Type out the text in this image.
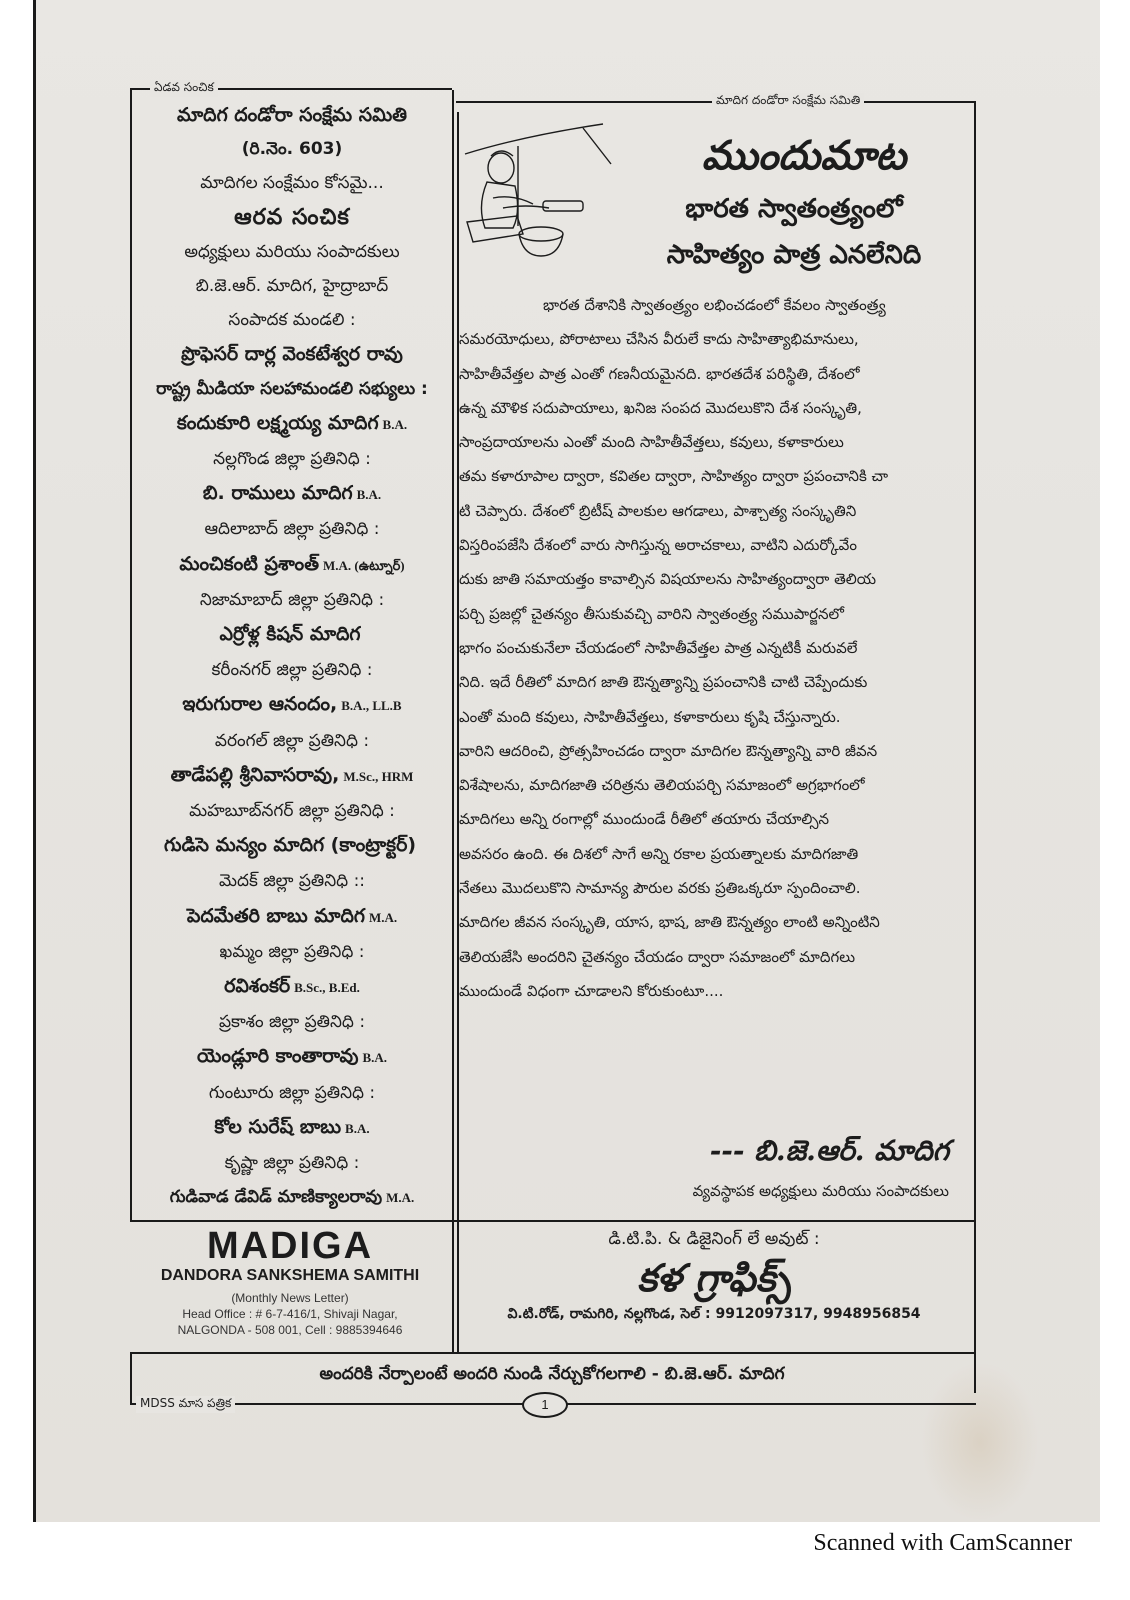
ఏడవ సంచిక
మాదిగ దండోరా సంక్షేమ సమితి
మాదిగ దండోరా సంక్షేమ సమితి
(రి.నెం. 603)
మాదిగల సంక్షేమం కోసమై...
ఆరవ సంచిక
అధ్యక్షులు మరియు సంపాదకులు
బి.జె.ఆర్. మాదిగ, హైద్రాబాద్
సంపాదక మండలి :
ప్రొఫెసర్ దార్ల వెంకటేశ్వర రావు
రాష్ట్ర మీడియా సలహామండలి సభ్యులు :
కందుకూరి లక్ష్మయ్య మాదిగ B.A.
నల్లగొండ జిల్లా ప్రతినిధి :
బి. రాములు మాదిగ B.A.
ఆదిలాబాద్ జిల్లా ప్రతినిధి :
మంచికంటి ప్రశాంత్ M.A. (ఉట్నూర్)
నిజామాబాద్ జిల్లా ప్రతినిధి :
ఎర్రోళ్ల కిషన్ మాదిగ
కరీంనగర్ జిల్లా ప్రతినిధి :
ఇరుగురాల ఆనందం, B.A., LL.B
వరంగల్ జిల్లా ప్రతినిధి :
తాడేపల్లి శ్రీనివాసరావు, M.Sc., HRM
మహబూబ్‌నగర్ జిల్లా ప్రతినిధి :
గుడిసె మన్యం మాదిగ (కాంట్రాక్టర్)
మెదక్ జిల్లా ప్రతినిధి ::
పెదమేతరి బాబు మాదిగ M.A.
ఖమ్మం జిల్లా ప్రతినిధి :
రవిశంకర్ B.Sc., B.Ed.
ప్రకాశం జిల్లా ప్రతినిధి :
యెండ్లూరి కాంతారావు B.A.
గుంటూరు జిల్లా ప్రతినిధి :
కోల సురేష్ బాబు B.A.
కృష్ణా జిల్లా ప్రతినిధి :
గుడివాడ డేవిడ్ మాణిక్యాలరావు M.A.
MADIGA
DANDORA SANKSHEMA SAMITHI
(Monthly News Letter)
Head Office : # 6-7-416/1, Shivaji Nagar,
NALGONDA - 508 001, Cell : 9885394646
ముందుమాట
భారత స్వాతంత్ర్యంలో
సాహిత్యం పాత్ర ఎనలేనిది
భారత దేశానికి స్వాతంత్ర్యం లభించడంలో కేవలం స్వాతంత్ర్య
సమరయోధులు, పోరాటాలు చేసిన వీరులే కాదు సాహిత్యాభిమానులు,
సాహితీవేత్తల పాత్ర ఎంతో గణనీయమైనది. భారతదేశ పరిస్థితి, దేశంలో
ఉన్న మౌళిక సదుపాయాలు, ఖనిజ సంపద మొదలుకొని దేశ సంస్కృతి,
సాంప్రదాయాలను ఎంతో మంది సాహితీవేత్తలు, కవులు, కళాకారులు
తమ కళారూపాల ద్వారా, కవితల ద్వారా, సాహిత్యం ద్వారా ప్రపంచానికి చా
టి చెప్పారు. దేశంలో బ్రిటీష్ పాలకుల ఆగడాలు, పాశ్చాత్య సంస్కృతిని
విస్తరింపజేసి దేశంలో వారు సాగిస్తున్న అరాచకాలు, వాటిని ఎదుర్కోవేం
దుకు జాతి సమాయత్తం కావాల్సిన విషయాలను సాహిత్యంద్వారా తెలియ
పర్చి ప్రజల్లో చైతన్యం తీసుకువచ్చి వారిని స్వాతంత్ర్య సముపార్జనలో
భాగం పంచుకునేలా చేయడంలో సాహితీవేత్తల పాత్ర ఎన్నటికీ మరువలే
నిది. ఇదే రీతిలో మాదిగ జాతి ఔన్నత్యాన్ని ప్రపంచానికి చాటి చెప్పేందుకు
ఎంతో మంది కవులు, సాహితీవేత్తలు, కళాకారులు కృషి చేస్తున్నారు.
వారిని ఆదరించి, ప్రోత్సహించడం ద్వారా మాదిగల ఔన్నత్యాన్ని వారి జీవన
విశేషాలను, మాదిగజాతి చరిత్రను తెలియపర్చి సమాజంలో అగ్రభాగంలో
మాదిగలు అన్ని రంగాల్లో ముందుండే రీతిలో తయారు చేయాల్సిన
అవసరం ఉంది. ఈ దిశలో సాగే అన్ని రకాల ప్రయత్నాలకు మాదిగజాతి
నేతలు మొదలుకొని సామాన్య పౌరుల వరకు ప్రతిఒక్కరూ స్పందించాలి.
మాదిగల జీవన సంస్కృతి, యాస, భాష, జాతి ఔన్నత్యం లాంటి అన్నింటిని
తెలియజేసి అందరిని చైతన్యం చేయడం ద్వారా సమాజంలో మాదిగలు
ముందుండే విధంగా చూడాలని కోరుకుంటూ....
--- బి.జె.ఆర్. మాదిగ
వ్యవస్థాపక అధ్యక్షులు మరియు సంపాదకులు
డి.టి.పి. & డిజైనింగ్ లే అవుట్ :
కళ గ్రాఫిక్స్
వి.టి.రోడ్, రామగిరి, నల్లగొండ, సెల్ : 9912097317, 9948956854
అందరికి నేర్పాలంటే అందరి నుండి నేర్చుకోగలగాలి - బి.జె.ఆర్. మాదిగ
MDSS మాస పత్రిక	1
Scanned with CamScanner
